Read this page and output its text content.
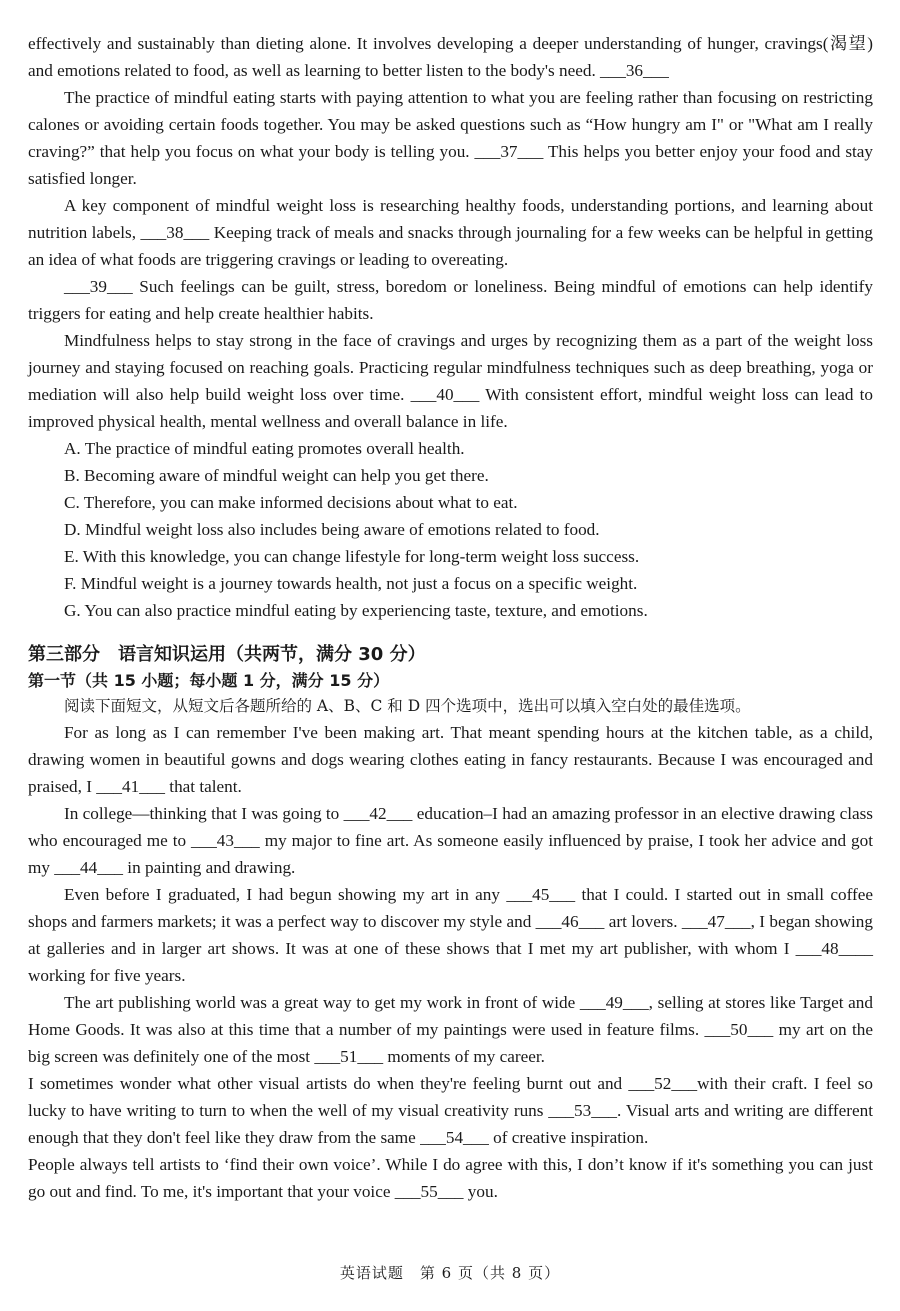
effectively and sustainably than dieting alone. It involves developing a deeper understanding of hunger, cravings(渴望) and emotions related to food, as well as learning to better listen to the body's need. ___36___

The practice of mindful eating starts with paying attention to what you are feeling rather than focusing on restricting calones or avoiding certain foods together. You may be asked questions such as “How hungry am I" or "What am I really craving?” that help you focus on what your body is telling you. ___37___ This helps you better enjoy your food and stay satisfied longer.

A key component of mindful weight loss is researching healthy foods, understanding portions, and learning about nutrition labels, ___38___ Keeping track of meals and snacks through journaling for a few weeks can be helpful in getting an idea of what foods are triggering cravings or leading to overeating.

___39___ Such feelings can be guilt, stress, boredom or loneliness. Being mindful of emotions can help identify triggers for eating and help create healthier habits.

Mindfulness helps to stay strong in the face of cravings and urges by recognizing them as a part of the weight loss journey and staying focused on reaching goals. Practicing regular mindfulness techniques such as deep breathing, yoga or mediation will also help build weight loss over time. ___40___ With consistent effort, mindful weight loss can lead to improved physical health, mental wellness and overall balance in life.

A. The practice of mindful eating promotes overall health.

B. Becoming aware of mindful weight can help you get there.

C. Therefore, you can make informed decisions about what to eat.

D. Mindful weight loss also includes being aware of emotions related to food.

E. With this knowledge, you can change lifestyle for long-term weight loss success.

F. Mindful weight is a journey towards health, not just a focus on a specific weight.

G. You can also practice mindful eating by experiencing taste, texture, and emotions.

第三部分　语言知识运用（共两节，满分 30 分）
第一节（共 15 小题；每小题 1 分，满分 15 分）

阅读下面短文，从短文后各题所给的 A、B、C 和 D 四个选项中，选出可以填入空白处的最佳选项。

For as long as I can remember I've been making art. That meant spending hours at the kitchen table, as a child, drawing women in beautiful gowns and dogs wearing clothes eating in fancy restaurants. Because I was encouraged and praised, I ___41___ that talent.

In college—thinking that I was going to ___42___ education–I had an amazing professor in an elective drawing class who encouraged me to ___43___ my major to fine art. As someone easily influenced by praise, I took her advice and got my ___44___ in painting and drawing.

Even before I graduated, I had begun showing my art in any ___45___ that I could. I started out in small coffee shops and farmers markets; it was a perfect way to discover my style and ___46___ art lovers. ___47___, I began showing at galleries and in larger art shows. It was at one of these shows that I met my art publisher, with whom I ___48____ working for five years.

The art publishing world was a great way to get my work in front of wide ___49___, selling at stores like Target and Home Goods. It was also at this time that a number of my paintings were used in feature films. ___50___ my art on the big screen was definitely one of the most ___51___ moments of my career.

I sometimes wonder what other visual artists do when they're feeling burnt out and ___52___with their craft. I feel so lucky to have writing to turn to when the well of my visual creativity runs ___53___. Visual arts and writing are different enough that they don't feel like they draw from the same ___54___ of creative inspiration.

People always tell artists to ‘find their own voice’. While I do agree with this, I don’t know if it's something you can just go out and find. To me, it's important that your voice ___55___ you.

英语试题　第 6 页（共 8 页）
